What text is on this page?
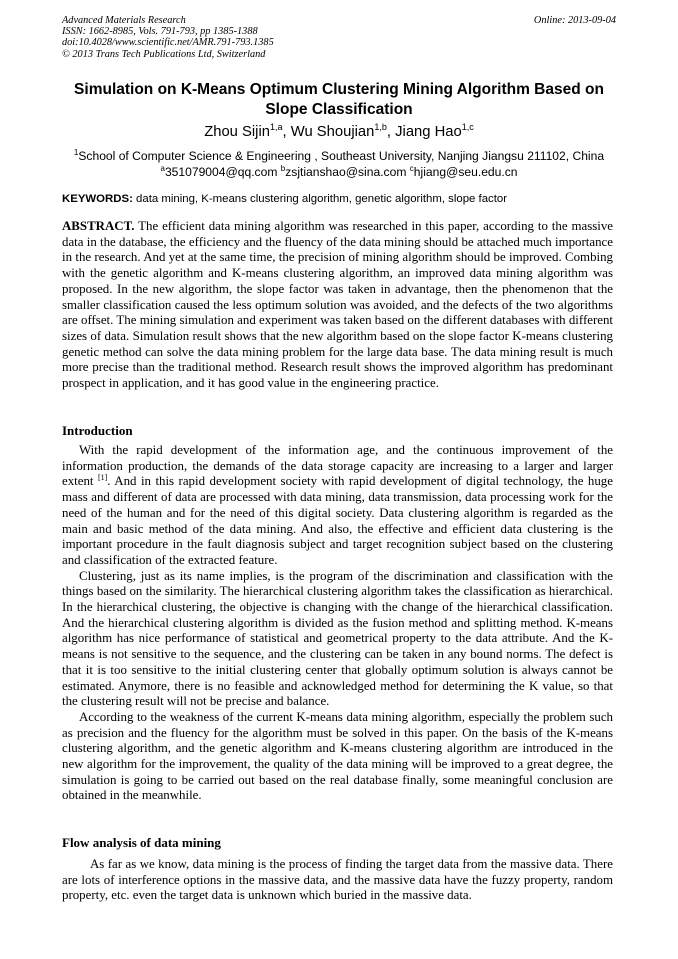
Advanced Materials Research
ISSN: 1662-8985, Vols. 791-793, pp 1385-1388
doi:10.4028/www.scientific.net/AMR.791-793.1385
© 2013 Trans Tech Publications Ltd, Switzerland
Online: 2013-09-04
Simulation on K-Means Optimum Clustering Mining Algorithm Based on
Slope Classification
Zhou Sijin$^{1,a}$, Wu Shoujian$^{1,b}$, Jiang Hao$^{1,c}$
$^1$School of Computer Science & Engineering , Southeast University, Nanjing Jiangsu 211102, China
$^a$351079004@qq.com $^b$zsjtianshao@sina.com $^c$hjiang@seu.edu.cn
KEYWORDS: data mining, K-means clustering algorithm, genetic algorithm, slope factor

ABSTRACT. The efficient data mining algorithm was researched in this paper, according to the massive data in the database, the efficiency and the fluency of the data mining should be attached much importance in the research. And yet at the same time, the precision of mining algorithm should be improved. Combing with the genetic algorithm and K-means clustering algorithm, an improved data mining algorithm was proposed. In the new algorithm, the slope factor was taken in advantage, then the phenomenon that the smaller classification caused the less optimum solution was avoided, and the defects of the two algorithms are offset. The mining simulation and experiment was taken based on the different databases with different sizes of data. Simulation result shows that the new algorithm based on the slope factor K-means clustering genetic method can solve the data mining problem for the large data base. The data mining result is much more precise than the traditional method. Research result shows the improved algorithm has predominant prospect in application, and it has good value in the engineering practice.

Introduction

With the rapid development of the information age, and the continuous improvement of the information production, the demands of the data storage capacity are increasing to a larger and larger extent [1]. And in this rapid development society with rapid development of digital technology, the huge mass and different of data are processed with data mining, data transmission, data processing work for the need of the human and for the need of this digital society. Data clustering algorithm is regarded as the main and basic method of the data mining. And also, the effective and efficient data clustering is the important procedure in the fault diagnosis subject and target recognition subject based on the clustering and classification of the extracted feature.

Clustering, just as its name implies, is the program of the discrimination and classification with the things based on the similarity. The hierarchical clustering algorithm takes the classification as hierarchical. In the hierarchical clustering, the objective is changing with the change of the hierarchical classification. And the hierarchical clustering algorithm is divided as the fusion method and splitting method. K-means algorithm has nice performance of statistical and geometrical property to the data attribute. And the K-means is not sensitive to the sequence, and the clustering can be taken in any bound norms. The defect is that it is too sensitive to the initial clustering center that globally optimum solution is always cannot be estimated. Anymore, there is no feasible and acknowledged method for determining the K value, so that the clustering result will not be precise and balance.

According to the weakness of the current K-means data mining algorithm, especially the problem such as precision and the fluency for the algorithm must be solved in this paper. On the basis of the K-means clustering algorithm, and the genetic algorithm and K-means clustering algorithm are introduced in the new algorithm for the improvement, the quality of the data mining will be improved to a great degree, the simulation is going to be carried out based on the real database finally, some meaningful conclusion are obtained in the meanwhile.

Flow analysis of data mining

As far as we know, data mining is the process of finding the target data from the massive data. There are lots of interference options in the massive data, and the massive data have the fuzzy property, random property, etc. even the target data is unknown which buried in the massive data.
